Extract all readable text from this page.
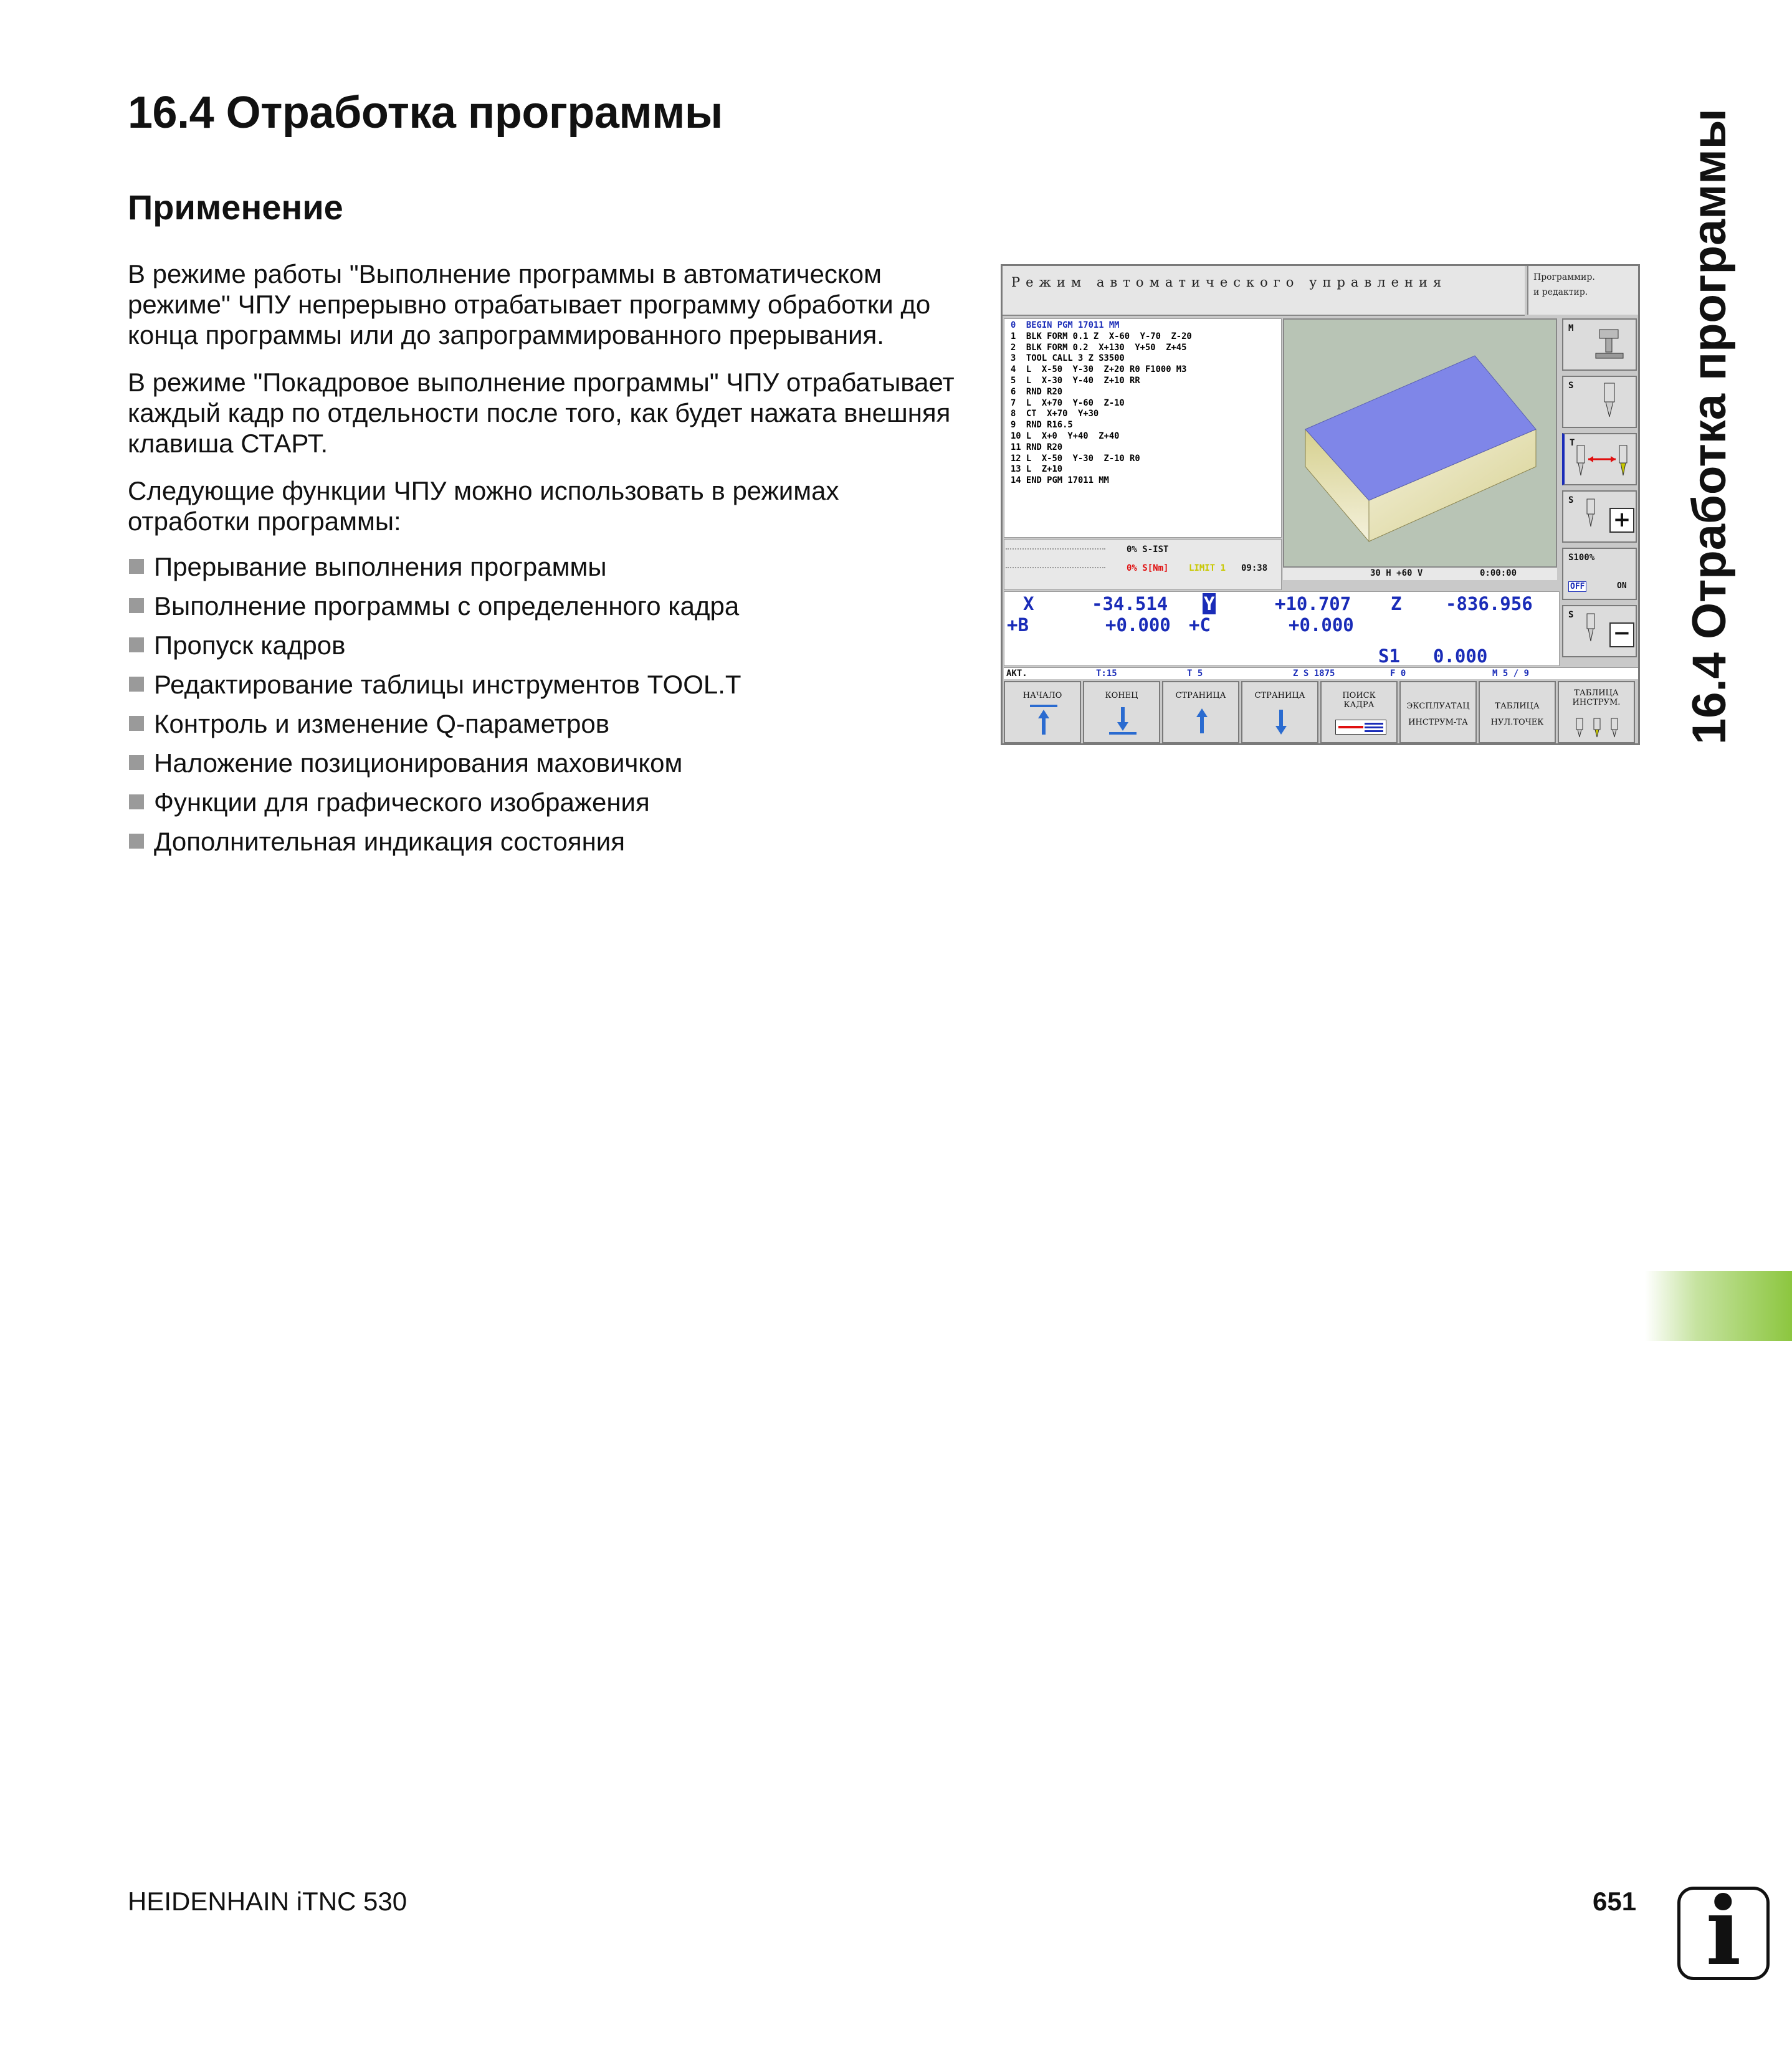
16.4 Отработка программы
Применение

В режиме работы "Выполнение программы в автоматическом режиме" ЧПУ непрерывно отрабатывает программу обработки до конца программы или до запрограммированного прерывания.

В режиме "Покадровое выполнение программы" ЧПУ отрабатывает каждый кадр по отдельности после того, как будет нажата внешняя клавиша СТАРТ.

Следующие функции ЧПУ можно использовать в режимах отработки программы:

Прерывание выполнения программы
Выполнение программы с определенного кадра
Пропуск кадров
Редактирование таблицы инструментов TOOL.T
Контроль и изменение Q-параметров
Наложение позиционирования маховичком
Функции для графического изображения
Дополнительная индикация состояния
Режим автоматического управления	Программир.
и редактир.
0  BEGIN PGM 17011 MM
1  BLK FORM 0.1 Z  X-60  Y-70  Z-20
2  BLK FORM 0.2  X+130  Y+50  Z+45
3  TOOL CALL 3 Z S3500
4  L  X-50  Y-30  Z+20 R0 F1000 M3
5  L  X-30  Y-40  Z+10 RR
6  RND R20
7  L  X+70  Y-60  Z-10
8  CT  X+70  Y+30
9  RND R16.5
10 L  X+0  Y+40  Z+40
11 RND R20
12 L  X-50  Y-30  Z-10 R0
13 L  Z+10
14 END PGM 17011 MM
0% S-IST
0% S[Nm] LIMIT 1 09:38	30 H +60 V	0:00:00
M
S
T
S
+
S100%
OFF	ON
S
−
X	-34.514 Y	+10.707 Z -836.956
+B	+0.000 +C	+0.000
S1 0.000
АКТ.	T:15	T 5	Z S 1875	F 0	M 5 / 9
НАЧАЛО	КОНЕЦ	СТРАНИЦА	СТРАНИЦА	ПОИСК
КАДРА	ЭКСПЛУАТАЦ
ИНСТРУМ-ТА
ТАБЛИЦА
НУЛ.ТОЧЕК
ТАБЛИЦА
ИНСТРУМ. 16.4 Отработка программы
HEIDENHAIN iTNC 530	651 i
